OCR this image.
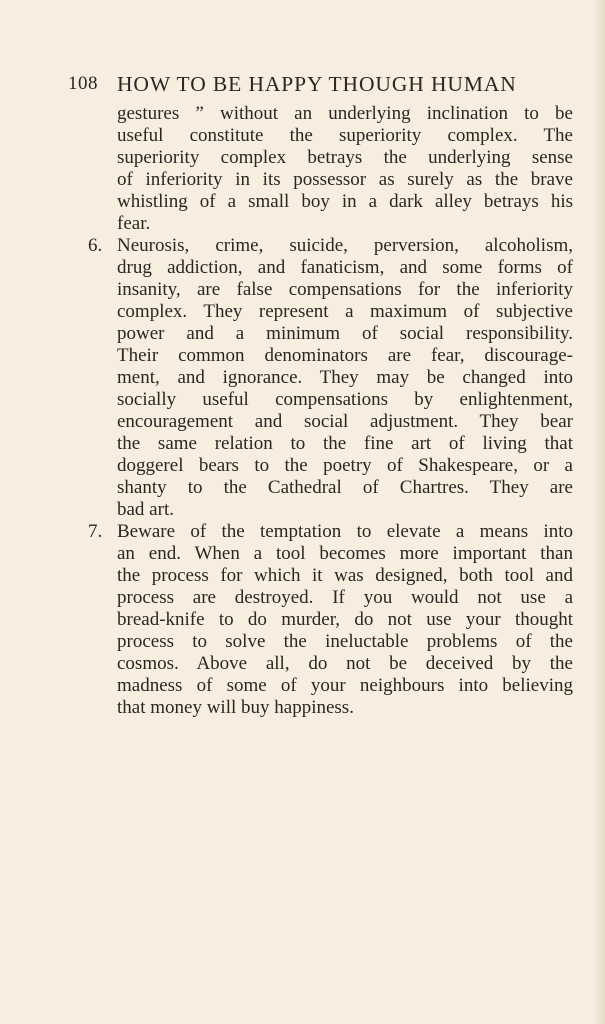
108 HOW TO BE HAPPY THOUGH HUMAN
gestures ” without an underlying inclination to be
useful constitute the superiority complex. The
superiority complex betrays the underlying sense
of inferiority in its possessor as surely as the brave
whistling of a small boy in a dark alley betrays his
fear.
6. Neurosis, crime, suicide, perversion, alcoholism,
drug addiction, and fanaticism, and some forms of
insanity, are false compensations for the inferiority
complex. They represent a maximum of subjective
power and a minimum of social responsibility.
Their common denominators are fear, discourage-
ment, and ignorance. They may be changed into
socially useful compensations by enlightenment,
encouragement and social adjustment. They bear
the same relation to the fine art of living that
doggerel bears to the poetry of Shakespeare, or a
shanty to the Cathedral of Chartres. They are
bad art.
7. Beware of the temptation to elevate a means into
an end. When a tool becomes more important than
the process for which it was designed, both tool and
process are destroyed. If you would not use a
bread-knife to do murder, do not use your thought
process to solve the ineluctable problems of the
cosmos. Above all, do not be deceived by the
madness of some of your neighbours into believing
that money will buy happiness.
